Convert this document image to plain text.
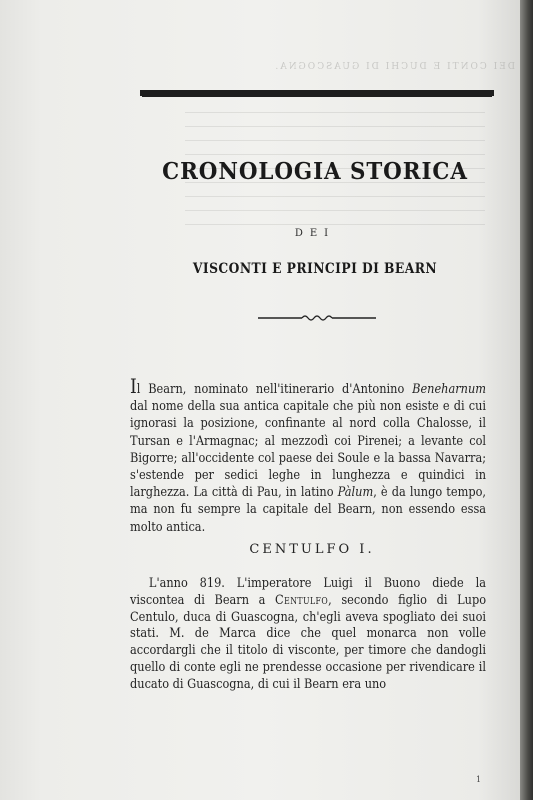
DEI CONTI E DUCHI DI GUASCOGNA.
CRONOLOGIA STORICA
DEI
VISCONTI E PRINCIPI DI BEARN
Il Bearn, nominato nell'itinerario d'Antonino Beneharnum dal nome della sua antica capitale che più non esiste e di cui ignorasi la posizione, confinante al nord colla Chalosse, il Tursan e l'Armagnac; al mezzodì coi Pirenei; a levante col Bigorre; all'occidente col paese dei Soule e la bassa Navarra; s'estende per sedici leghe in lunghezza e quindici in larghezza. La città di Pau, in latino Pàlum, è da lungo tempo, ma non fu sempre la capitale del Bearn, non essendo essa molto antica.
CENTULFO I.
L'anno 819. L'imperatore Luigi il Buono diede la viscontea di Bearn a Centulfo, secondo figlio di Lupo Centulo, duca di Guascogna, ch'egli aveva spogliato dei suoi stati. M. de Marca dice che quel monarca non volle accordargli che il titolo di visconte, per timore che dandogli quello di conte egli ne prendesse occasione per rivendicare il ducato di Guascogna, di cui il Bearn era uno
1
